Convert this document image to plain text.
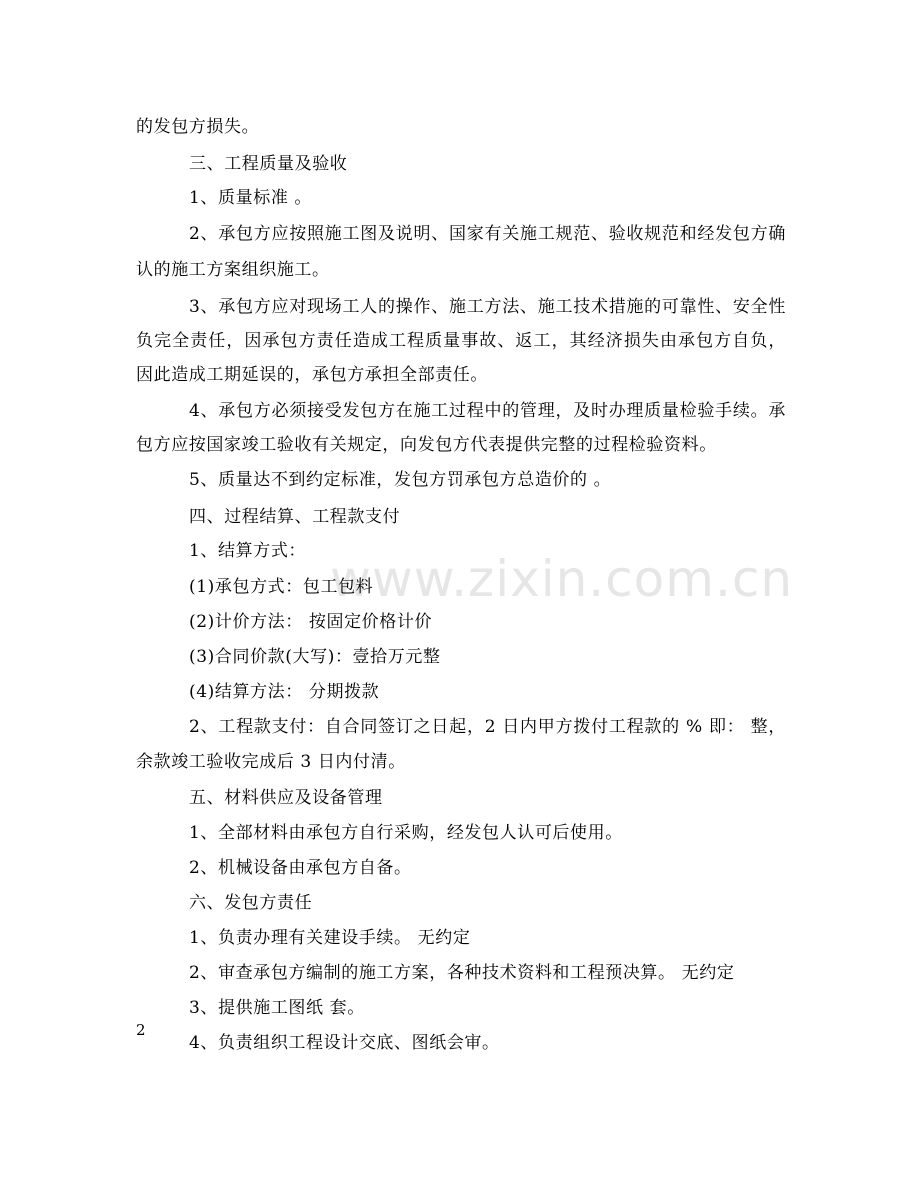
www.zixin.com.cn
的发包方损失。
三、工程质量及验收
1、质量标准 。
2、承包方应按照施工图及说明、国家有关施工规范、验收规范和经发包方确
认的施工方案组织施工。
3、承包方应对现场工人的操作、施工方法、施工技术措施的可靠性、安全性
负完全责任，因承包方责任造成工程质量事故、返工，其经济损失由承包方自负，
因此造成工期延误的，承包方承担全部责任。
4、承包方必须接受发包方在施工过程中的管理，及时办理质量检验手续。承
包方应按国家竣工验收有关规定，向发包方代表提供完整的过程检验资料。
5、质量达不到约定标准，发包方罚承包方总造价的 。
四、过程结算、工程款支付
1、结算方式：
(1)承包方式：包工包料
(2)计价方法： 按固定价格计价
(3)合同价款(大写)：壹拾万元整
(4)结算方法： 分期拨款
2、工程款支付：自合同签订之日起，2 日内甲方拨付工程款的 % 即： 整，
余款竣工验收完成后 3 日内付清。
五、材料供应及设备管理
1、全部材料由承包方自行采购，经发包人认可后使用。
2、机械设备由承包方自备。
六、发包方责任
1、负责办理有关建设手续。 无约定
2、审查承包方编制的施工方案，各种技术资料和工程预决算。 无约定
3、提供施工图纸 套。
4、负责组织工程设计交底、图纸会审。
2
